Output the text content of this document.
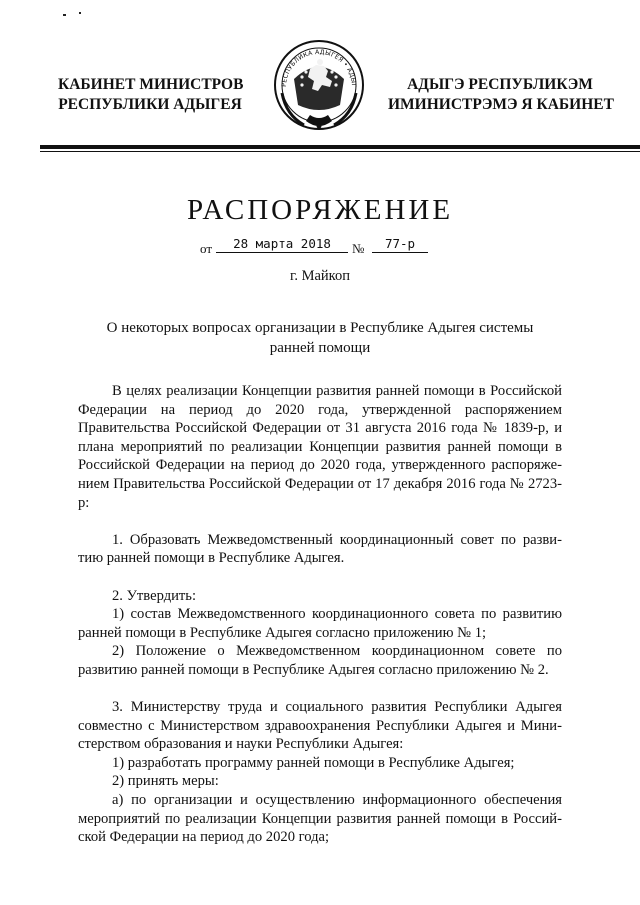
КАБИНЕТ МИНИСТРОВ
РЕСПУБЛИКИ АДЫГЕЯ
РЕСПУБЛИКА АДЫГЕЯ • АДЫГ	АДЫГЭ РЕСПУБЛИКЭМ
ИМИНИСТРЭМЭ Я КАБИНЕТ
РАСПОРЯЖЕНИЕ
от	28 марта 2018	№	77-р
г. Майкоп
О некоторых вопросах организации в Республике Адыгея системы
ранней помощи

В целях реализации Концепции развития ранней помощи в Российской Федерации на период до 2020 года, утвержденной распоряжением Правительства Российской Федерации от 31 августа 2016 года № 1839-р, и плана мероприятий по реализации Концепции развития ранней помощи в Российской Федерации на период до 2020 года, утвержденного распоряжением Правительства Российской Федерации от 17 декабря 2016 года № 2723-р:

1. Образовать Межведомственный координационный совет по развитию ранней помощи в Республике Адыгея.

2. Утвердить:

1) состав Межведомственного координационного совета по развитию ранней помощи в Республике Адыгея согласно приложению № 1;

2) Положение о Межведомственном координационном совете по развитию ранней помощи в Республике Адыгея согласно приложению № 2.

3. Министерству труда и социального развития Республики Адыгея совместно с Министерством здравоохранения Республики Адыгея и Министерством образования и науки Республики Адыгея:

1) разработать программу ранней помощи в Республике Адыгея;

2) принять меры:

а) по организации и осуществлению информационного обеспечения мероприятий по реализации Концепции развития ранней помощи в Российской Федерации на период до 2020 года;
